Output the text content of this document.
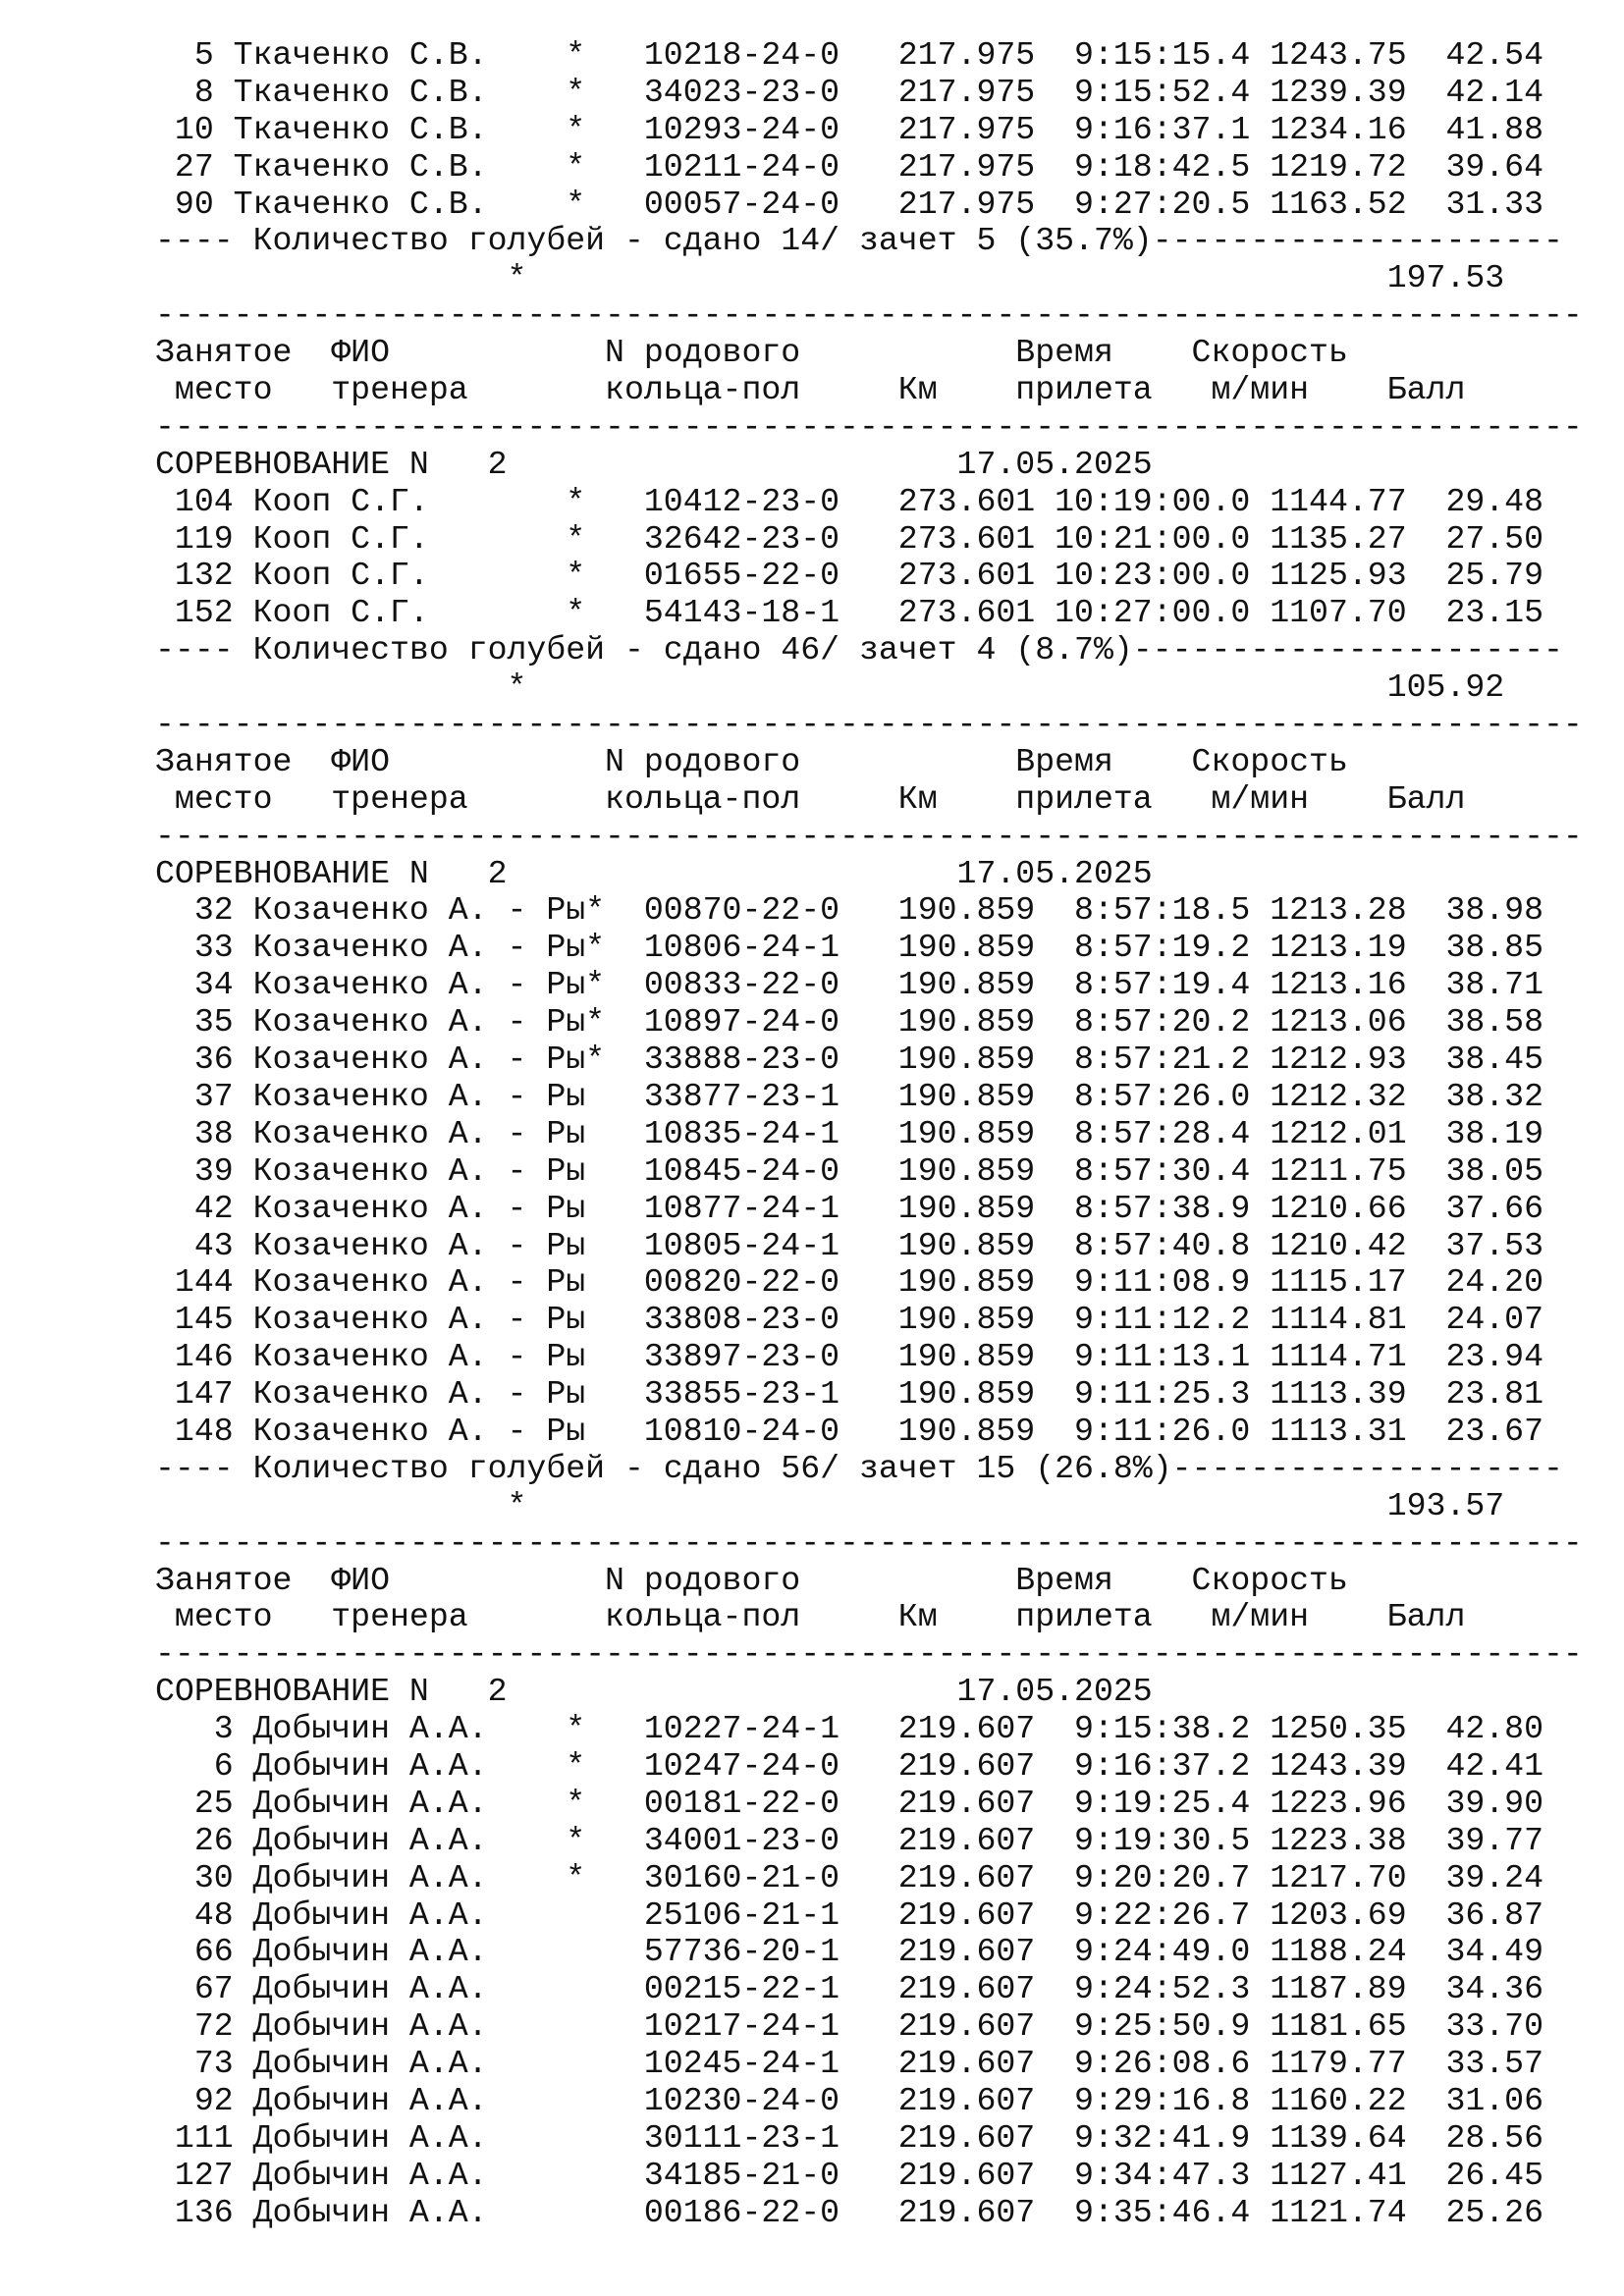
5 Ткаченко С.В.    *   10218-24-0   217.975  9:15:15.4 1243.75  42.54
8 Ткаченко С.В.    *   34023-23-0   217.975  9:15:52.4 1239.39  42.14
10 Ткаченко С.В.    *   10293-24-0   217.975  9:16:37.1 1234.16  41.88
27 Ткаченко С.В.    *   10211-24-0   217.975  9:18:42.5 1219.72  39.64
90 Ткаченко С.В.    *   00057-24-0   217.975  9:27:20.5 1163.52  31.33
---- Количество голубей - сдано 14/ зачет 5 (35.7%)---------------------
*                                            197.53
-------------------------------------------------------------------------
Занятое  ФИО           N родового           Время    Скорость
место   тренера       кольца-пол     Км    прилета   м/мин    Балл
-------------------------------------------------------------------------
СОРЕВНОВАНИЕ N   2                       17.05.2025
104 Кооп С.Г.       *   10412-23-0   273.601 10:19:00.0 1144.77  29.48
119 Кооп С.Г.       *   32642-23-0   273.601 10:21:00.0 1135.27  27.50
132 Кооп С.Г.       *   01655-22-0   273.601 10:23:00.0 1125.93  25.79
152 Кооп С.Г.       *   54143-18-1   273.601 10:27:00.0 1107.70  23.15
---- Количество голубей - сдано 46/ зачет 4 (8.7%)----------------------
*                                            105.92
-------------------------------------------------------------------------
Занятое  ФИО           N родового           Время    Скорость
место   тренера       кольца-пол     Км    прилета   м/мин    Балл
-------------------------------------------------------------------------
СОРЕВНОВАНИЕ N   2                       17.05.2025
32 Козаченко А. - Ры*  00870-22-0   190.859  8:57:18.5 1213.28  38.98
33 Козаченко А. - Ры*  10806-24-1   190.859  8:57:19.2 1213.19  38.85
34 Козаченко А. - Ры*  00833-22-0   190.859  8:57:19.4 1213.16  38.71
35 Козаченко А. - Ры*  10897-24-0   190.859  8:57:20.2 1213.06  38.58
36 Козаченко А. - Ры*  33888-23-0   190.859  8:57:21.2 1212.93  38.45
37 Козаченко А. - Ры   33877-23-1   190.859  8:57:26.0 1212.32  38.32
38 Козаченко А. - Ры   10835-24-1   190.859  8:57:28.4 1212.01  38.19
39 Козаченко А. - Ры   10845-24-0   190.859  8:57:30.4 1211.75  38.05
42 Козаченко А. - Ры   10877-24-1   190.859  8:57:38.9 1210.66  37.66
43 Козаченко А. - Ры   10805-24-1   190.859  8:57:40.8 1210.42  37.53
144 Козаченко А. - Ры   00820-22-0   190.859  9:11:08.9 1115.17  24.20
145 Козаченко А. - Ры   33808-23-0   190.859  9:11:12.2 1114.81  24.07
146 Козаченко А. - Ры   33897-23-0   190.859  9:11:13.1 1114.71  23.94
147 Козаченко А. - Ры   33855-23-1   190.859  9:11:25.3 1113.39  23.81
148 Козаченко А. - Ры   10810-24-0   190.859  9:11:26.0 1113.31  23.67
---- Количество голубей - сдано 56/ зачет 15 (26.8%)--------------------
*                                            193.57
-------------------------------------------------------------------------
Занятое  ФИО           N родового           Время    Скорость
место   тренера       кольца-пол     Км    прилета   м/мин    Балл
-------------------------------------------------------------------------
СОРЕВНОВАНИЕ N   2                       17.05.2025
3 Добычин А.А.    *   10227-24-1   219.607  9:15:38.2 1250.35  42.80
6 Добычин А.А.    *   10247-24-0   219.607  9:16:37.2 1243.39  42.41
25 Добычин А.А.    *   00181-22-0   219.607  9:19:25.4 1223.96  39.90
26 Добычин А.А.    *   34001-23-0   219.607  9:19:30.5 1223.38  39.77
30 Добычин А.А.    *   30160-21-0   219.607  9:20:20.7 1217.70  39.24
48 Добычин А.А.        25106-21-1   219.607  9:22:26.7 1203.69  36.87
66 Добычин А.А.        57736-20-1   219.607  9:24:49.0 1188.24  34.49
67 Добычин А.А.        00215-22-1   219.607  9:24:52.3 1187.89  34.36
72 Добычин А.А.        10217-24-1   219.607  9:25:50.9 1181.65  33.70
73 Добычин А.А.        10245-24-1   219.607  9:26:08.6 1179.77  33.57
92 Добычин А.А.        10230-24-0   219.607  9:29:16.8 1160.22  31.06
111 Добычин А.А.        30111-23-1   219.607  9:32:41.9 1139.64  28.56
127 Добычин А.А.        34185-21-0   219.607  9:34:47.3 1127.41  26.45
136 Добычин А.А.        00186-22-0   219.607  9:35:46.4 1121.74  25.26
